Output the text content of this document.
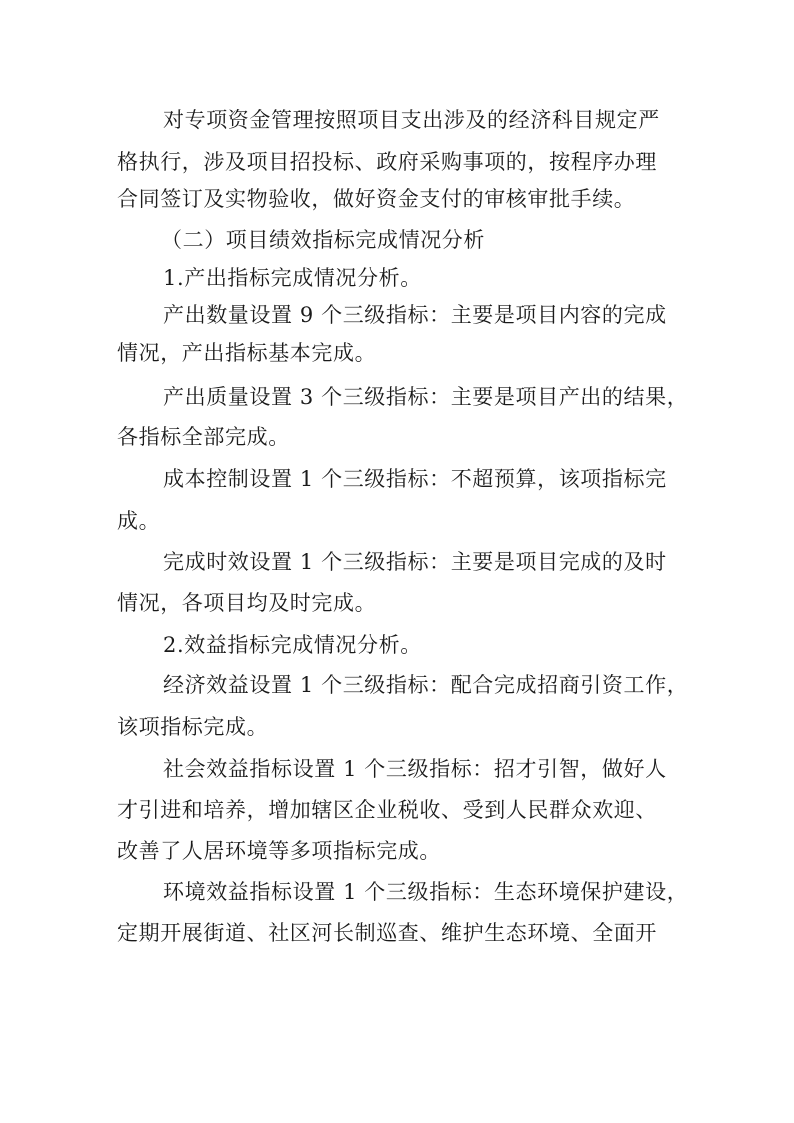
对专项资金管理按照项目支出涉及的经济科目规定严
格执行，涉及项目招投标、政府采购事项的，按程序办理
合同签订及实物验收，做好资金支付的审核审批手续。
（二）项目绩效指标完成情况分析
1.产出指标完成情况分析。
产出数量设置 9 个三级指标：主要是项目内容的完成
情况，产出指标基本完成。
产出质量设置 3 个三级指标：主要是项目产出的结果，
各指标全部完成。
成本控制设置 1 个三级指标：不超预算，该项指标完
成。
完成时效设置 1 个三级指标：主要是项目完成的及时
情况，各项目均及时完成。
2.效益指标完成情况分析。
经济效益设置 1 个三级指标：配合完成招商引资工作，
该项指标完成。
社会效益指标设置 1 个三级指标：招才引智，做好人
才引进和培养，增加辖区企业税收、受到人民群众欢迎、
改善了人居环境等多项指标完成。
环境效益指标设置 1 个三级指标：生态环境保护建设，
定期开展街道、社区河长制巡查、维护生态环境、全面开
